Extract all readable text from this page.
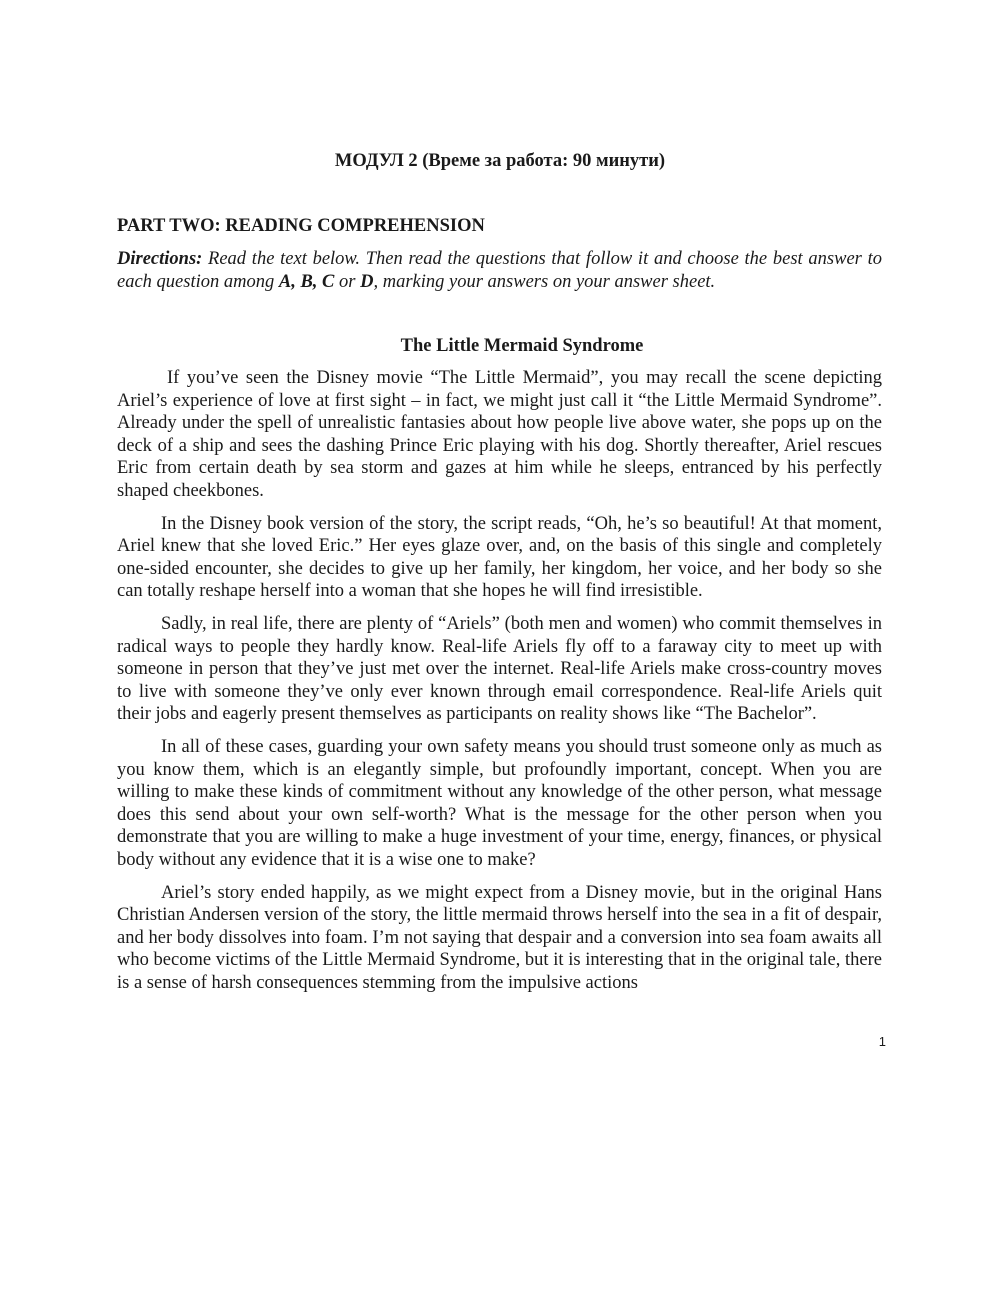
МОДУЛ 2 (Време за работа: 90 минути)
PART TWO: READING COMPREHENSION

Directions: Read the text below. Then read the questions that follow it and choose the best answer to each question among A, B, C or D, marking your answers on your answer sheet.

The Little Mermaid Syndrome

If you’ve seen the Disney movie “The Little Mermaid”, you may recall the scene depicting Ariel’s experience of love at first sight – in fact, we might just call it “the Little Mermaid Syndrome”. Already under the spell of unrealistic fantasies about how people live above water, she pops up on the deck of a ship and sees the dashing Prince Eric playing with his dog. Shortly thereafter, Ariel rescues Eric from certain death by sea storm and gazes at him while he sleeps, entranced by his perfectly shaped cheekbones.

In the Disney book version of the story, the script reads, “Oh, he’s so beautiful! At that moment, Ariel knew that she loved Eric.” Her eyes glaze over, and, on the basis of this single and completely one-sided encounter, she decides to give up her family, her kingdom, her voice, and her body so she can totally reshape herself into a woman that she hopes he will find irresistible.

Sadly, in real life, there are plenty of “Ariels” (both men and women) who commit themselves in radical ways to people they hardly know. Real-life Ariels fly off to a faraway city to meet up with someone in person that they’ve just met over the internet. Real-life Ariels make cross-country moves to live with someone they’ve only ever known through email correspondence. Real-life Ariels quit their jobs and eagerly present themselves as participants on reality shows like “The Bachelor”.

In all of these cases, guarding your own safety means you should trust someone only as much as you know them, which is an elegantly simple, but profoundly important, concept. When you are willing to make these kinds of commitment without any knowledge of the other person, what message does this send about your own self-worth? What is the message for the other person when you demonstrate that you are willing to make a huge investment of your time, energy, finances, or physical body without any evidence that it is a wise one to make?

Ariel’s story ended happily, as we might expect from a Disney movie, but in the original Hans Christian Andersen version of the story, the little mermaid throws herself into the sea in a fit of despair, and her body dissolves into foam. I’m not saying that despair and a conversion into sea foam awaits all who become victims of the Little Mermaid Syndrome, but it is interesting that in the original tale, there is a sense of harsh consequences stemming from the impulsive actions

1
